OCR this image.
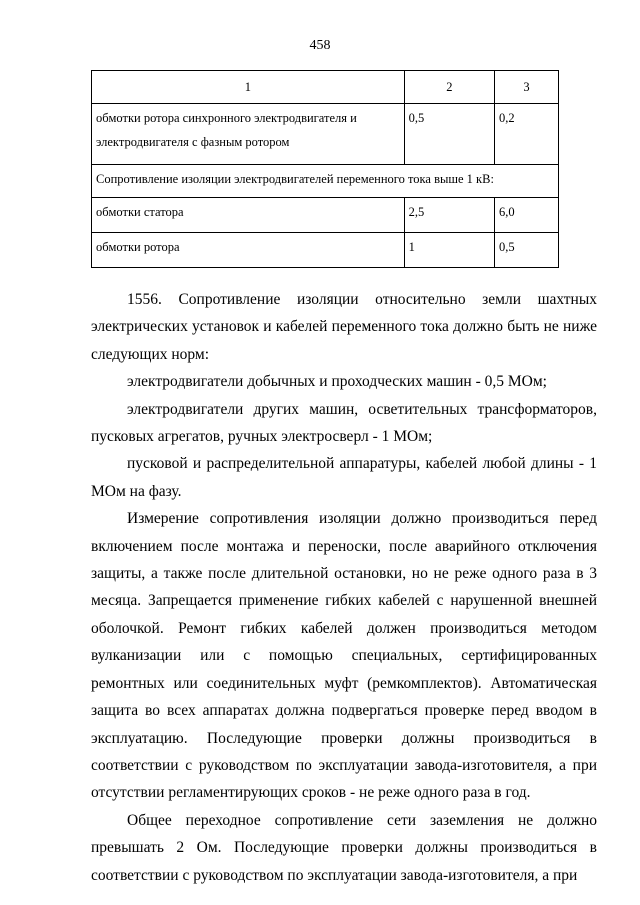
458
1	2	3
обмотки ротора синхронного электродвигателя и электродвигателя с фазным ротором	0,5	0,2
Сопротивление изоляции электродвигателей переменного тока выше 1 кВ:		
обмотки статора	2,5	6,0
обмотки ротора	1	0,5

1556. Сопротивление изоляции относительно земли шахтных электрических установок и кабелей переменного тока должно быть не ниже следующих норм:

электродвигатели добычных и проходческих машин - 0,5 МОм;

электродвигатели других машин, осветительных трансформаторов, пусковых агрегатов, ручных электросверл - 1 МОм;

пусковой и распределительной аппаратуры, кабелей любой длины - 1 МОм на фазу.

Измерение сопротивления изоляции должно производиться перед включением после монтажа и переноски, после аварийного отключения защиты, а также после длительной остановки, но не реже одного раза в 3 месяца. Запрещается применение гибких кабелей с нарушенной внешней оболочкой. Ремонт гибких кабелей должен производиться методом вулканизации или с помощью специальных, сертифицированных ремонтных или соединительных муфт (ремкомплектов). Автоматическая защита во всех аппаратах должна подвергаться проверке перед вводом в эксплуатацию. Последующие проверки должны производиться в соответствии с руководством по эксплуатации завода-изготовителя, а при отсутствии регламентирующих сроков - не реже одного раза в год.

Общее переходное сопротивление сети заземления не должно превышать 2 Ом. Последующие проверки должны производиться в соответствии с руководством по эксплуатации завода-изготовителя, а при
